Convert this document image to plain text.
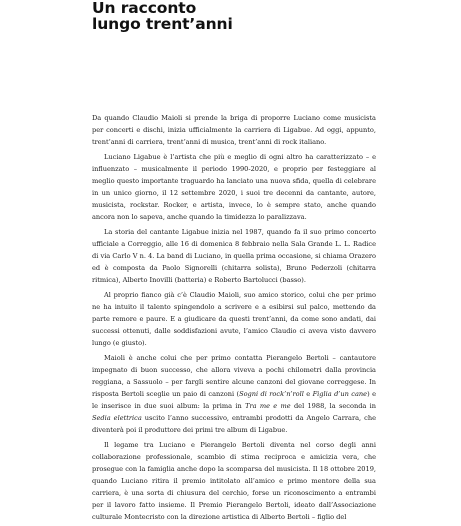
Un racconto
lungo trent’anni

Da quando Claudio Maioli si prende la briga di proporre Luciano come musicista per concerti e dischi, inizia ufficialmente la carriera di Ligabue. Ad oggi, appunto, trent’anni di carriera, trent’anni di musica, trent’anni di rock italiano.

Luciano Ligabue è l’artista che più e meglio di ogni altro ha caratterizzato – e influenzato – musicalmente il periodo 1990-2020, e proprio per festeggiare al meglio questo importante traguardo ha lanciato una nuova sfida, quella di celebrare in un unico giorno, il 12 settembre 2020, i suoi tre decenni da cantante, autore, musicista, rockstar. Rocker, e artista, invece, lo è sempre stato, anche quando ancora non lo sapeva, anche quando la timidezza lo paralizzava.

La storia del cantante Ligabue inizia nel 1987, quando fa il suo primo concerto ufficiale a Correggio, alle 16 di domenica 8 febbraio nella Sala Grande L. L. Radice di via Carlo V n. 4. La band di Luciano, in quella prima occasione, si chiama Orazero ed è composta da Paolo Signorelli (chitarra solista), Bruno Pederzoli (chitarra ritmica), Alberto Inovilli (batteria) e Roberto Bartolucci (basso).

Al proprio fianco già c’è Claudio Maioli, suo amico storico, colui che per primo ne ha intuito il talento spingendolo a scrivere e a esibirsi sul palco, mettendo da parte remore e paure. E a giudicare da questi trent’anni, da come sono andati, dai successi ottenuti, dalle soddisfazioni avute, l’amico Claudio ci aveva visto davvero lungo (e giusto).

Maioli è anche colui che per primo contatta Pierangelo Bertoli – cantautore impegnato di buon successo, che allora viveva a pochi chilometri dalla provincia reggiana, a Sassuolo – per fargli sentire alcune canzoni del giovane correggese. In risposta Bertoli sceglie un paio di canzoni (Sogni di rock’n’roll e Figlia d’un cane) e le inserisce in due suoi album: la prima in Tra me e me del 1988, la seconda in Sedia elettrica uscito l’anno successivo, entrambi prodotti da Angelo Carrara, che diventerà poi il produttore dei primi tre album di Ligabue.

Il legame tra Luciano e Pierangelo Bertoli diventa nel corso degli anni collaborazione professionale, scambio di stima reciproca e amicizia vera, che prosegue con la famiglia anche dopo la scomparsa del musicista. Il 18 ottobre 2019, quando Luciano ritira il premio intitolato all’amico e primo mentore della sua carriera, è una sorta di chiusura del cerchio, forse un riconoscimento a entrambi per il lavoro fatto insieme. Il Premio Pierangelo Bertoli, ideato dall’Associazione culturale Montecristo con la direzione artistica di Alberto Bertoli – figlio del
